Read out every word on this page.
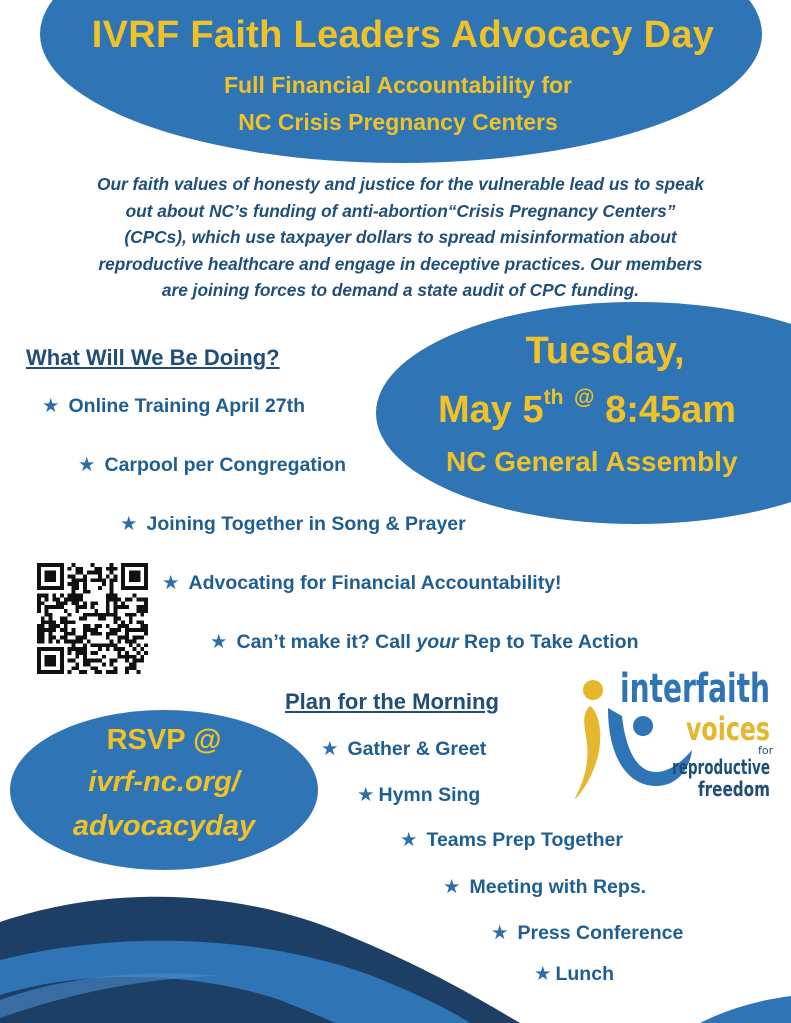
IVRF Faith Leaders Advocacy Day
Full Financial Accountability for
NC Crisis Pregnancy Centers
Our faith values of honesty and justice for the vulnerable lead us to speak
out about NC’s funding of anti-abortion“Crisis Pregnancy Centers”
(CPCs), which use taxpayer dollars to spread misinformation about
reproductive healthcare and engage in deceptive practices. Our members
are joining forces to demand a state audit of CPC funding.
Tuesday,
May 5th @ 8:45am
NC General Assembly
What Will We Be Doing?
★ Online Training April 27th
★ Carpool per Congregation
★ Joining Together in Song & Prayer
★ Advocating for Financial Accountability!
★ Can’t make it? Call your Rep to Take Action
Plan for the Morning
RSVP @
ivrf-nc.org/
advocacyday
★ Gather & Greet
★ Hymn Sing
★ Teams Prep Together
★ Meeting with Reps.
★ Press Conference
★ Lunch
interfaith
voices
for
reproductive
freedom
